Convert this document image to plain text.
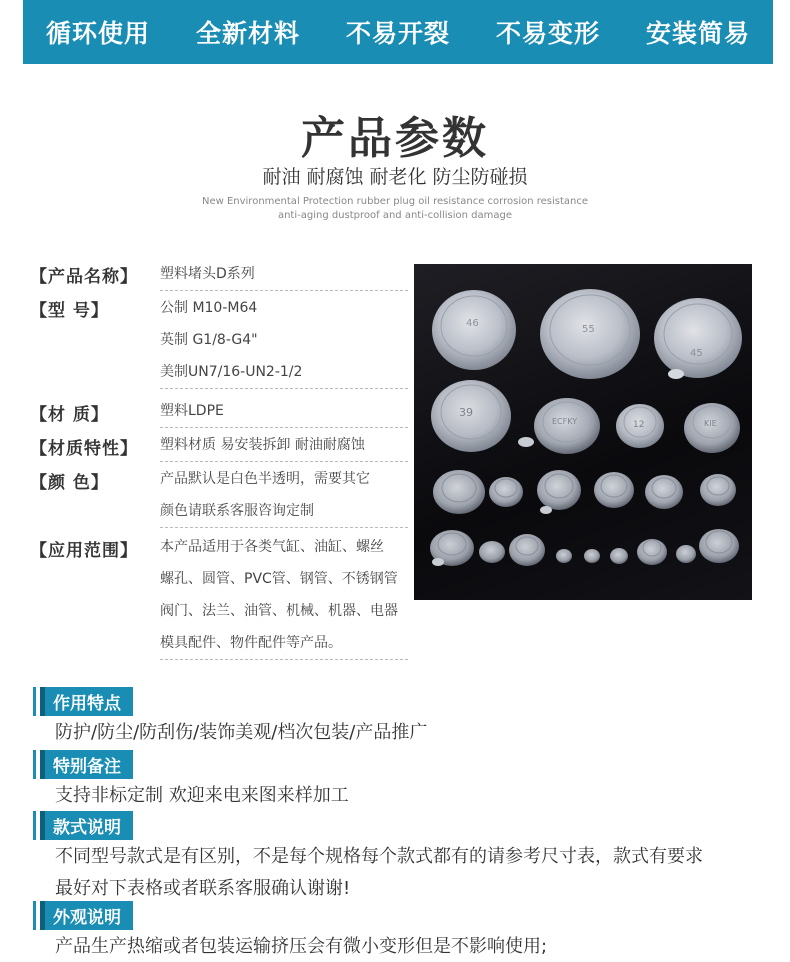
循环使用 全新材料 不易开裂 不易变形 安装简易
产品参数
耐油 耐腐蚀 耐老化 防尘防碰损
New Environmental Protection rubber plug oil resistance corrosion resistance
anti-aging dustproof and anti-collision damage
【产品名称】 塑料堵头D系列
【型 号】	公制 M10-M64
英制 G1/8-G4"
美制UN7/16-UN2-1/2
【材 质】	塑料LDPE
【材质特性】 塑料材质 易安装拆卸 耐油耐腐蚀
【颜 色】	产品默认是白色半透明，需要其它
颜色请联系客服咨询定制
【应用范围】 本产品适用于各类气缸、油缸、螺丝
螺孔、圆管、PVC管、钢管、不锈钢管
阀门、法兰、油管、机械、机器、电器
模具配件、物件配件等产品。
46
55
45
39
ECFKY	12	KIE
作用特点
防护/防尘/防刮伤/装饰美观/档次包装/产品推广
特别备注
支持非标定制 欢迎来电来图来样加工
款式说明
不同型号款式是有区别，不是每个规格每个款式都有的请参考尺寸表，款式有要求
最好对下表格或者联系客服确认谢谢!
外观说明
产品生产热缩或者包装运输挤压会有微小变形但是不影响使用;
